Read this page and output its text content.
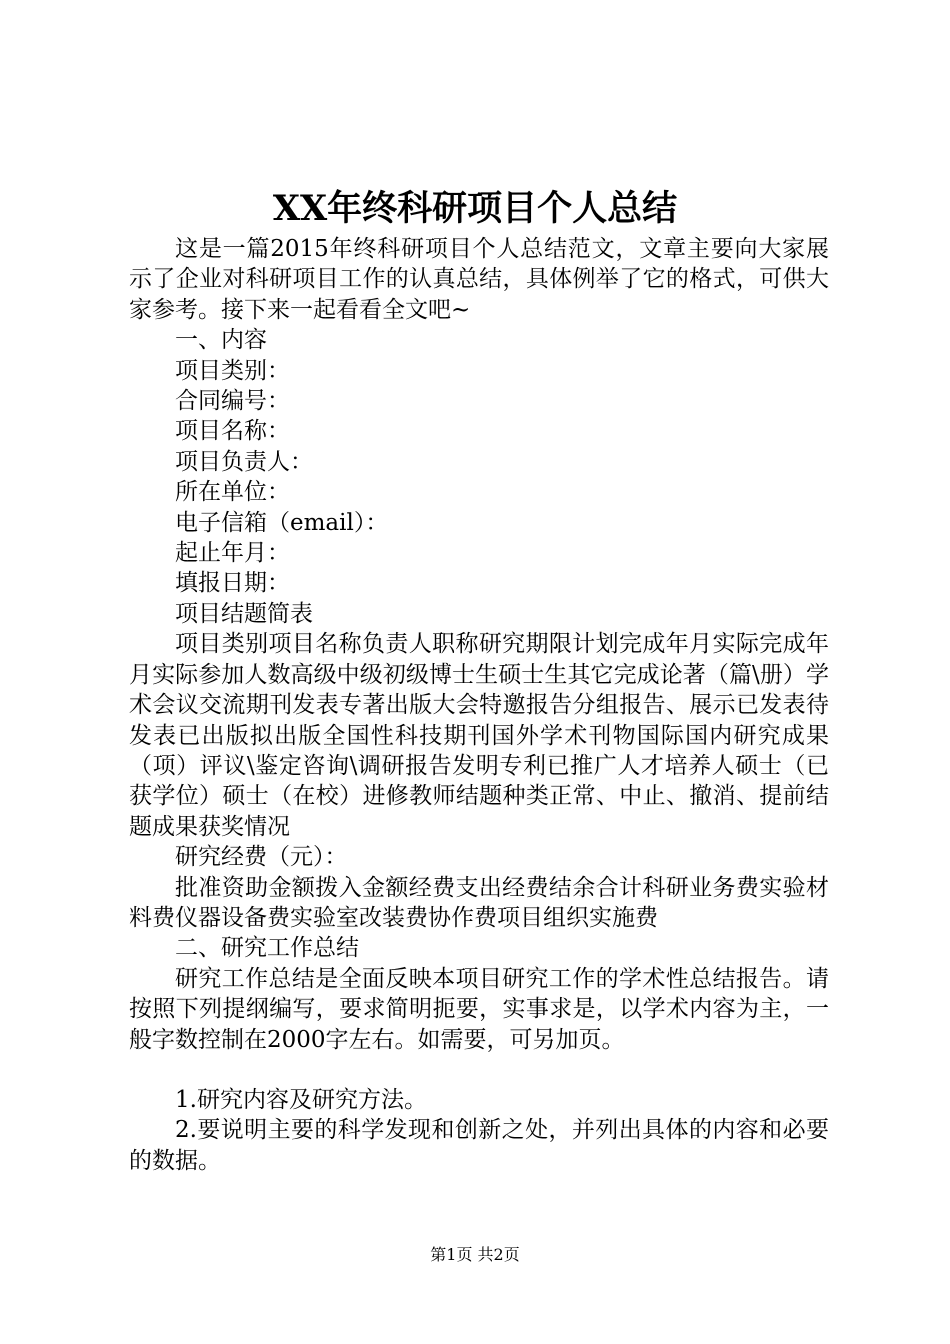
XX年终科研项目个人总结

这是一篇2015年终科研项目个人总结范文，文章主要向大家展示了企业对科研项目工作的认真总结，具体例举了它的格式，可供大家参考。接下来一起看看全文吧~

一、内容

项目类别：

合同编号：

项目名称：

项目负责人：

所在单位：

电子信箱（email）：

起止年月：

填报日期：

项目结题简表

项目类别项目名称负责人职称研究期限计划完成年月实际完成年月实际参加人数高级中级初级博士生硕士生其它完成论著（篇\册）学术会议交流期刊发表专著出版大会特邀报告分组报告、展示已发表待发表已出版拟出版全国性科技期刊国外学术刊物国际国内研究成果（项）评议\鉴定咨询\调研报告发明专利已推广人才培养人硕士（已获学位）硕士（在校）进修教师结题种类正常、中止、撤消、提前结题成果获奖情况

研究经费（元）：

批准资助金额拨入金额经费支出经费结余合计科研业务费实验材料费仪器设备费实验室改装费协作费项目组织实施费

二、研究工作总结

研究工作总结是全面反映本项目研究工作的学术性总结报告。请按照下列提纲编写，要求简明扼要，实事求是，以学术内容为主，一般字数控制在2000字左右。如需要，可另加页。

1.研究内容及研究方法。

2.要说明主要的科学发现和创新之处，并列出具体的内容和必要的数据。

第1页 共2页
